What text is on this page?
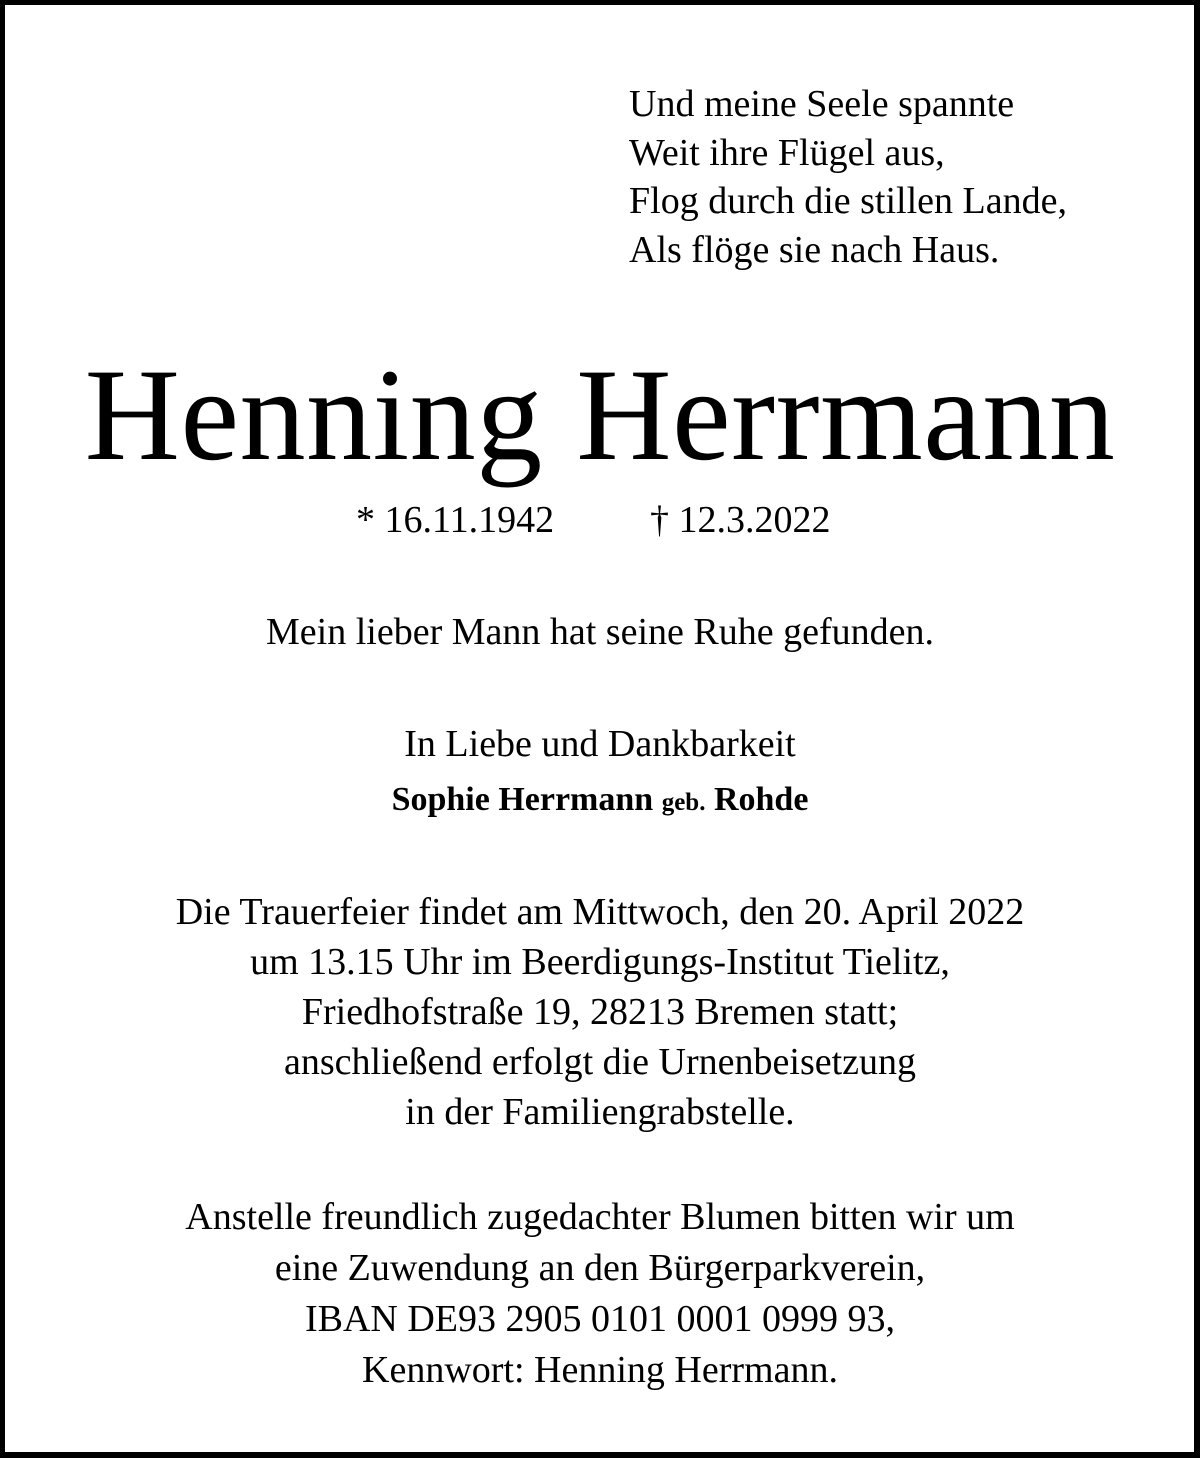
Und meine Seele spannte
Weit ihre Flügel aus,
Flog durch die stillen Lande,
Als flöge sie nach Haus.
Henning Herrmann
* 16.11.1942	† 12.3.2022
Mein lieber Mann hat seine Ruhe gefunden.
In Liebe und Dankbarkeit
Sophie Herrmann geb. Rohde
Die Trauerfeier findet am Mittwoch, den 20. April 2022
um 13.15 Uhr im Beerdigungs-Institut Tielitz,
Friedhofstraße 19, 28213 Bremen statt;
anschließend erfolgt die Urnenbeisetzung
in der Familiengrabstelle.
Anstelle freundlich zugedachter Blumen bitten wir um
eine Zuwendung an den Bürgerparkverein,
IBAN DE93 2905 0101 0001 0999 93,
Kennwort: Henning Herrmann.
